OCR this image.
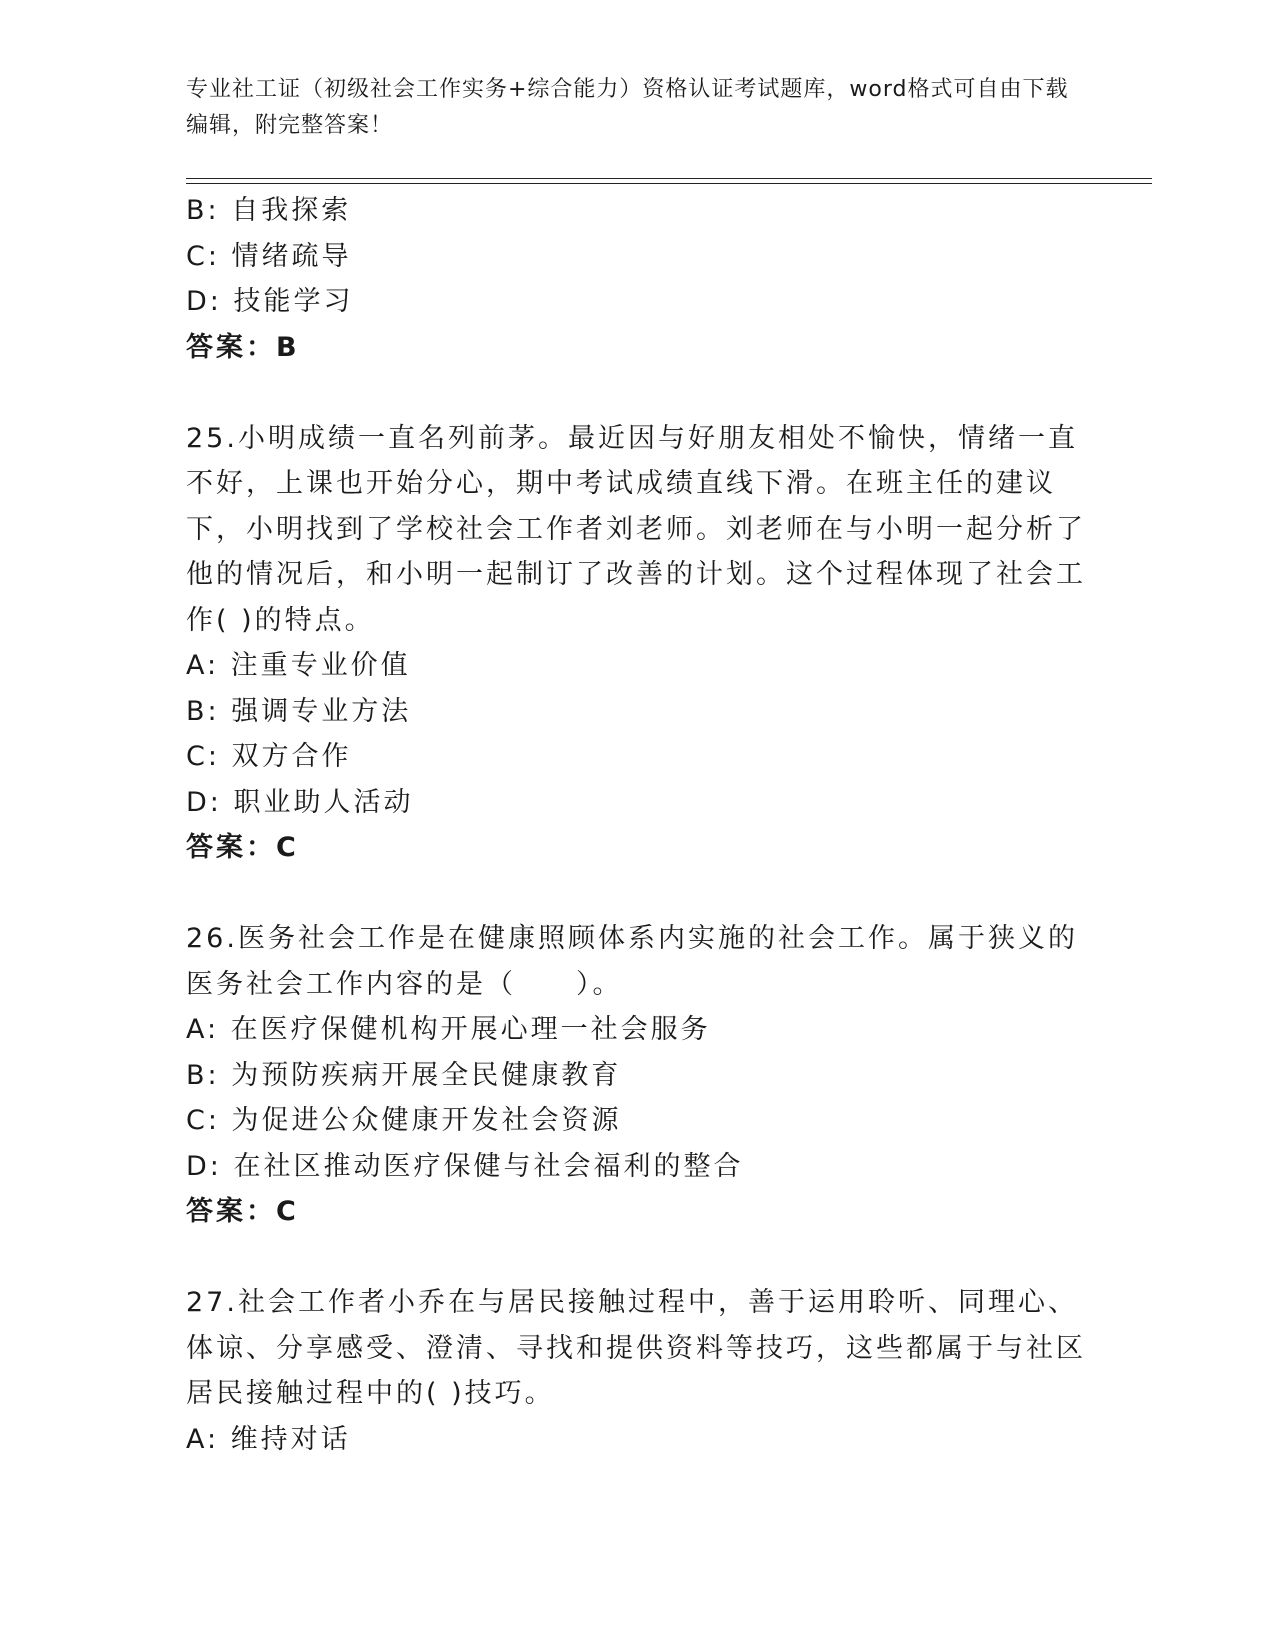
专业社工证（初级社会工作实务+综合能力）资格认证考试题库，word格式可自由下载编辑，附完整答案！
B: 自我探索
C: 情绪疏导
D: 技能学习
答案：B
25.小明成绩一直名列前茅。最近因与好朋友相处不愉快，情绪一直不好，上课也开始分心，期中考试成绩直线下滑。在班主任的建议下，小明找到了学校社会工作者刘老师。刘老师在与小明一起分析了他的情况后，和小明一起制订了改善的计划。这个过程体现了社会工作( )的特点。
A: 注重专业价值
B: 强调专业方法
C: 双方合作
D: 职业助人活动
答案：C
26.医务社会工作是在健康照顾体系内实施的社会工作。属于狭义的医务社会工作内容的是（　　）。
A: 在医疗保健机构开展心理一社会服务
B: 为预防疾病开展全民健康教育
C: 为促进公众健康开发社会资源
D: 在社区推动医疗保健与社会福利的整合
答案：C
27.社会工作者小乔在与居民接触过程中，善于运用聆听、同理心、体谅、分享感受、澄清、寻找和提供资料等技巧，这些都属于与社区居民接触过程中的( )技巧。
A: 维持对话
